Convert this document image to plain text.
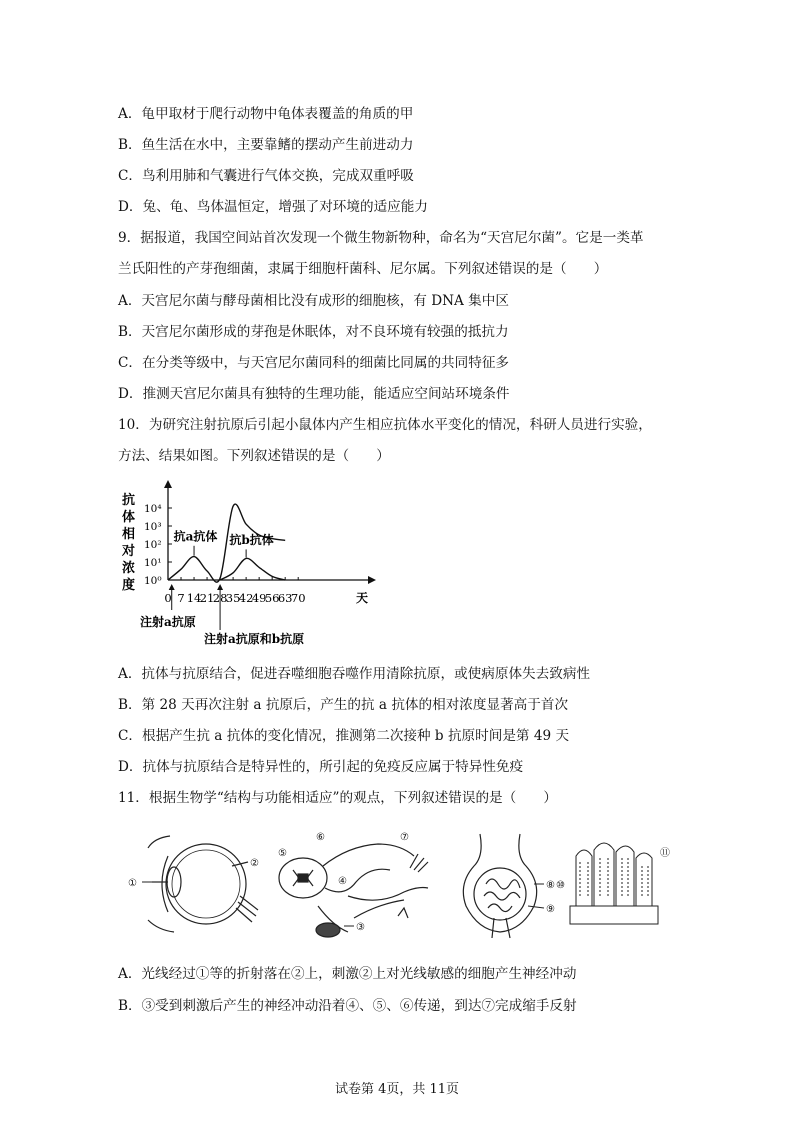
A．龟甲取材于爬行动物中龟体表覆盖的角质的甲
B．鱼生活在水中，主要靠鳍的摆动产生前进动力
C．鸟利用肺和气囊进行气体交换，完成双重呼吸
D．兔、龟、鸟体温恒定，增强了对环境的适应能力
9．据报道，我国空间站首次发现一个微生物新物种，命名为“天宫尼尔菌”。它是一类革
兰氏阳性的产芽孢细菌，隶属于细胞杆菌科、尼尔属。下列叙述错误的是（　　）
A．天宫尼尔菌与酵母菌相比没有成形的细胞核，有 DNA 集中区
B．天宫尼尔菌形成的芽孢是休眠体，对不良环境有较强的抵抗力
C．在分类等级中，与天宫尼尔菌同科的细菌比同属的共同特征多
D．推测天宫尼尔菌具有独特的生理功能，能适应空间站环境条件
10．为研究注射抗原后引起小鼠体内产生相应抗体水平变化的情况，科研人员进行实验，
方法、结果如图。下列叙述错误的是（　　）
抗
体
相
对
浓
度 10⁰
10¹
10²
10³
10⁴
0 7 14
21
28
35
42
49
56
63
70	天
抗a抗体 抗b抗体
注射a抗原
注射a抗原和b抗原
A．抗体与抗原结合，促进吞噬细胞吞噬作用清除抗原，或使病原体失去致病性
B．第 28 天再次注射 a 抗原后，产生的抗 a 抗体的相对浓度显著高于首次
C．根据产生抗 a 抗体的变化情况，推测第二次接种 b 抗原时间是第 49 天
D．抗体与抗原结合是特异性的，所引起的免疫反应属于特异性免疫
11．根据生物学“结构与功能相适应”的观点，下列叙述错误的是（　　）
①
②
③
④
⑤
⑥	⑦
⑧
⑨
⑩
⑪
A．光线经过①等的折射落在②上，刺激②上对光线敏感的细胞产生神经冲动
B．③受到刺激后产生的神经冲动沿着④、⑤、⑥传递，到达⑦完成缩手反射
试卷第 4页，共 11页
